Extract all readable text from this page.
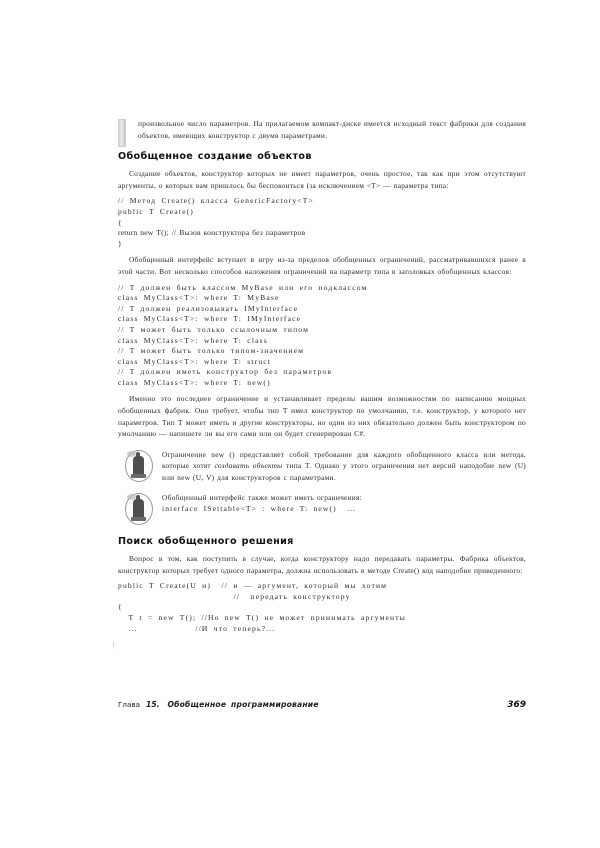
произвольное число параметров. На прилагаемом компакт-диске имеется исходный текст фабрики для создания объектов, имеющих конструктор с двумя параметрами.

Обобщенное создание объектов

Создание объектов, конструктор которых не имеет параметров, очень простое, так как при этом отсутствуют аргументы, о которых вам пришлось бы беспокоиться (за исключением <T> — параметра типа:

// Метод Create() класса GenericFactory<T>
public T Create()
{
return new T(); // Вызов конструктора без параметров
}

Обобщенный интерфейс вступает в игру из-за пределов обобщенных ограничений, рассматривавшихся ранее в этой части. Вот несколько способов наложения ограничений на параметр типа в заголовках обобщенных классов:

// T должен быть классом MyBase или его подклассом
class MyClass<T>: where T: MyBase
// T должен реализовывать IMyInterface
class MyClass<T>: where T: IMyInterface
// T может быть только ссылочным типом
class MyClass<T>: where T: class
// T может быть только типом-значением
class MyClass<T>: where T: struct
// T должен иметь конструктор без параметров
class MyClass<T>: where T: new()

Именно это последнее ограничение и устанавливает пределы вашим возможностям по написанию мощных обобщенных фабрик. Оно требует, чтобы тип T имел конструктор по умолчанию, т.е. конструктор, у которого нет параметров. Тип T может иметь и другие конструкторы, но один из них обязательно должен быть конструктором по умолчанию — напишете ли вы его сами или он будет сгенерирован C#.

Ограничение new () представляет собой требование для каждого обобщенного класса или метода, которые хотят создавать объекты типа T. Однако у этого ограничения нет версий наподобие new (U) или new (U, V) для конструкторов с параметрами.
Обобщенный интерфейс также может иметь ограничения:
interface ISettable<T> : where T: new()  ...
Поиск обобщенного решения

Вопрос в том, как поступить в случае, когда конструктору надо передавать параметры. Фабрика объектов, конструктор которых требует одного параметра, должна использовать в методе Create() код наподобие приведенного:

public T Create(U и)  // и — аргумент, который мы хотим
//  передать конструктору
{
T t = new T(); //Но new T() не может принимать аргументы
...           //И что теперь?...
{
Глава 15. Обобщенное программирование	369
